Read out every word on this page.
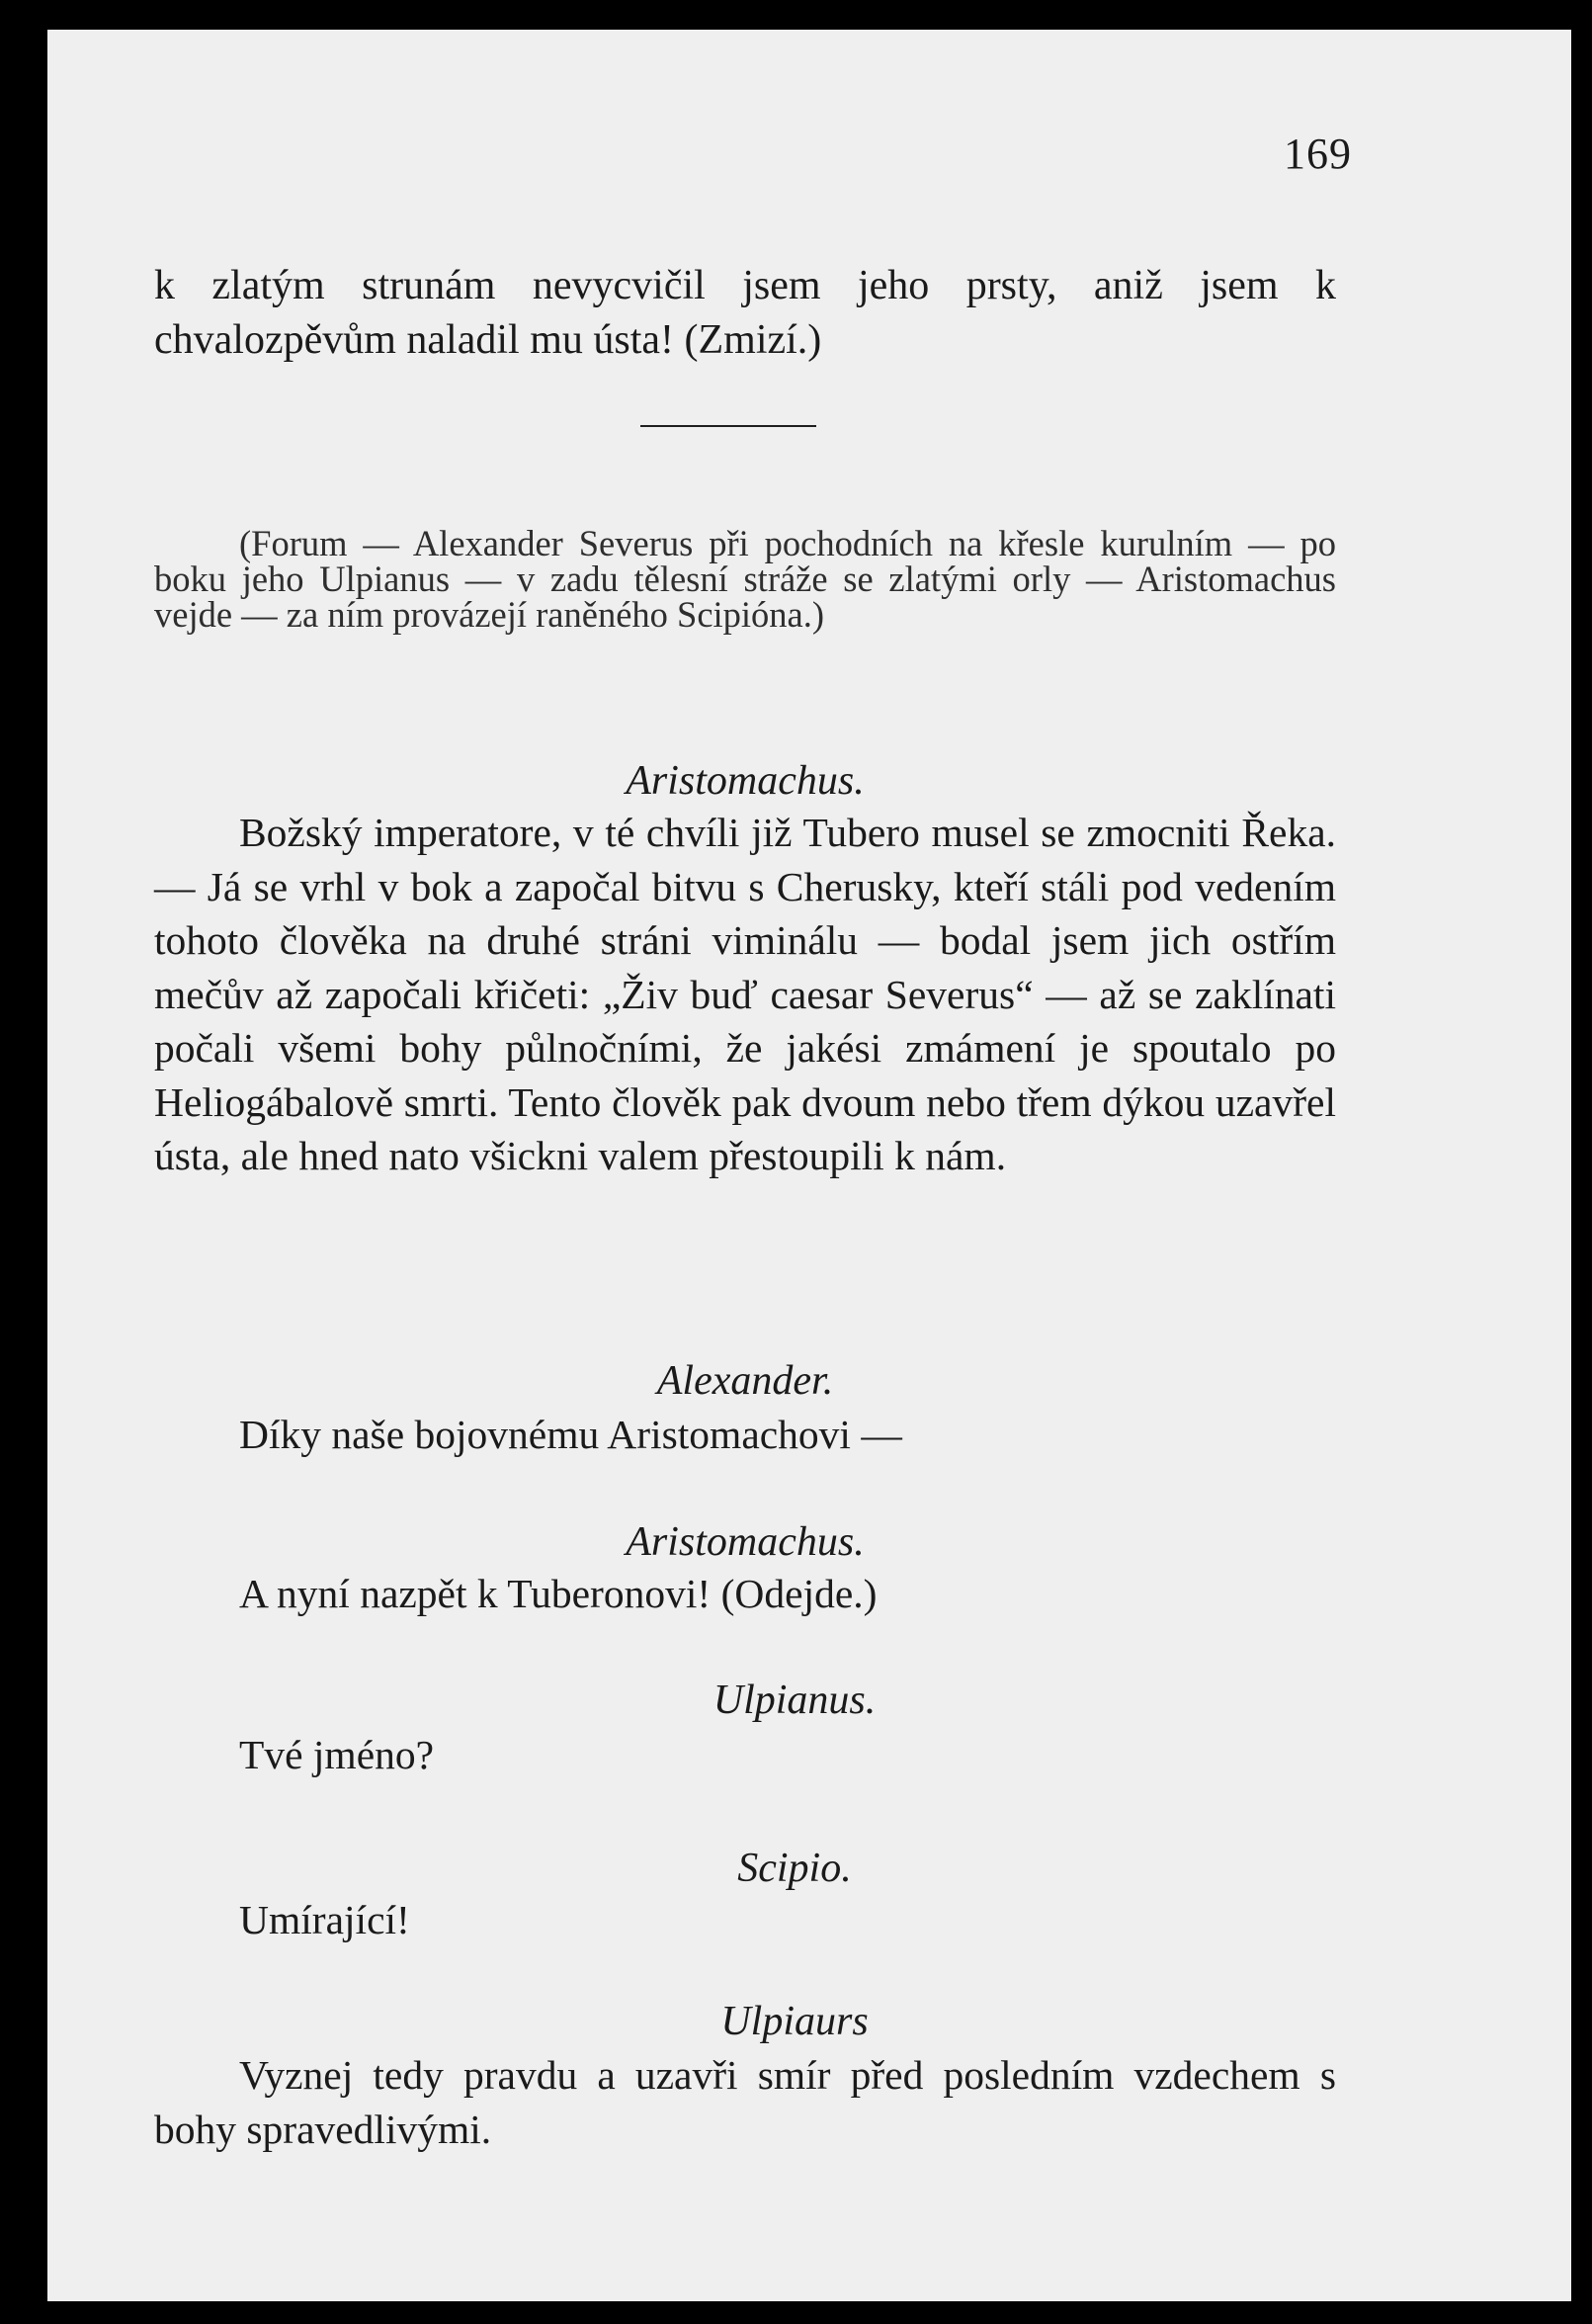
169

k zlatým strunám nevycvičil jsem jeho prsty, aniž jsem k chvalozpěvům naladil mu ústa! (Zmizí.)

(Forum — Alexander Severus při pochodních na křesle kurulním — po boku jeho Ulpianus — v zadu tělesní stráže se zlatými orly — Aristomachus vejde — za ním provázejí raněného Scipióna.)

Aristomachus.

Božský imperatore, v té chvíli již Tubero musel se zmocniti Řeka. — Já se vrhl v bok a započal bitvu s Cherusky, kteří stáli pod vedením tohoto člověka na druhé stráni viminálu — bodal jsem jich ostřím mečův až započali křičeti: „Živ buď caesar Severus“ — až se zaklínati počali všemi bohy půlnočními, že jakési zmámení je spoutalo po Heliogábalově smrti. Tento člověk pak dvoum nebo třem dýkou uzavřel ústa, ale hned nato všickni valem přestoupili k nám.

Alexander.

Díky naše bojovnému Aristomachovi —

Aristomachus.

A nyní nazpět k Tuberonovi! (Odejde.)

Ulpianus.

Tvé jméno?

Scipio.

Umírající!

Ulpiaurs

Vyznej tedy pravdu a uzavři smír před posledním vzdechem s bohy spravedlivými.
